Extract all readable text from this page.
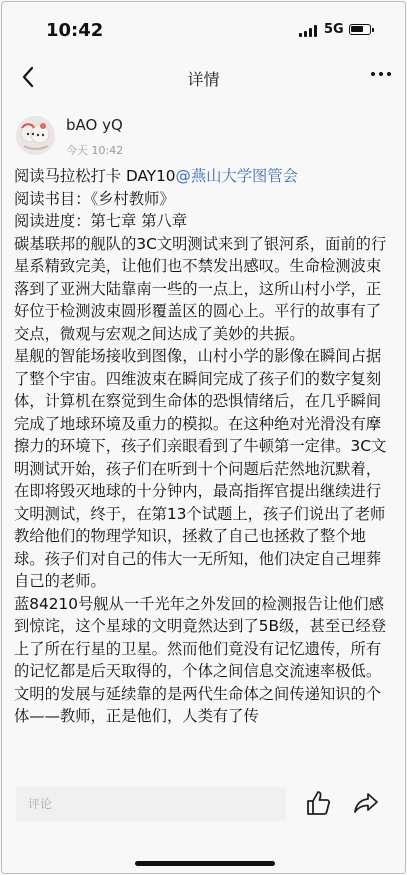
10:42	5G
详情
bAO yQ
今天 10:42

阅读马拉松打卡 DAY10@燕山大学图管会

阅读书目：《乡村教师》

阅读进度：第七章 第八章

碳基联邦的舰队的3C文明测试来到了银河系，面前的行星系精致完美，让他们也不禁发出感叹。生命检测波束落到了亚洲大陆靠南一些的一点上，这所山村小学，正好位于检测波束圆形覆盖区的圆心上。平行的故事有了交点，微观与宏观之间达成了美妙的共振。

星舰的智能场接收到图像，山村小学的影像在瞬间占据了整个宇宙。四维波束在瞬间完成了孩子们的数字复刻体，计算机在察觉到生命体的恐惧情绪后，在几乎瞬间完成了地球环境及重力的模拟。在这种绝对光滑没有摩擦力的环境下，孩子们亲眼看到了牛顿第一定律。3C文明测试开始，孩子们在听到十个问题后茫然地沉默着，在即将毁灭地球的十分钟内，最高指挥官提出继续进行文明测试，终于，在第13个试题上，孩子们说出了老师教给他们的物理学知识，拯救了自己也拯救了整个地球。孩子们对自己的伟大一无所知，他们决定自己埋葬自己的老师。

蓝84210号舰从一千光年之外发回的检测报告让他们感到惊诧，这个星球的文明竟然达到了5B级，甚至已经登上了所在行星的卫星。然而他们竟没有记忆遗传，所有的记忆都是后天取得的，个体之间信息交流速率极低。文明的发展与延续靠的是两代生命体之间传递知识的个体——教师，正是他们，人类有了传

评论
